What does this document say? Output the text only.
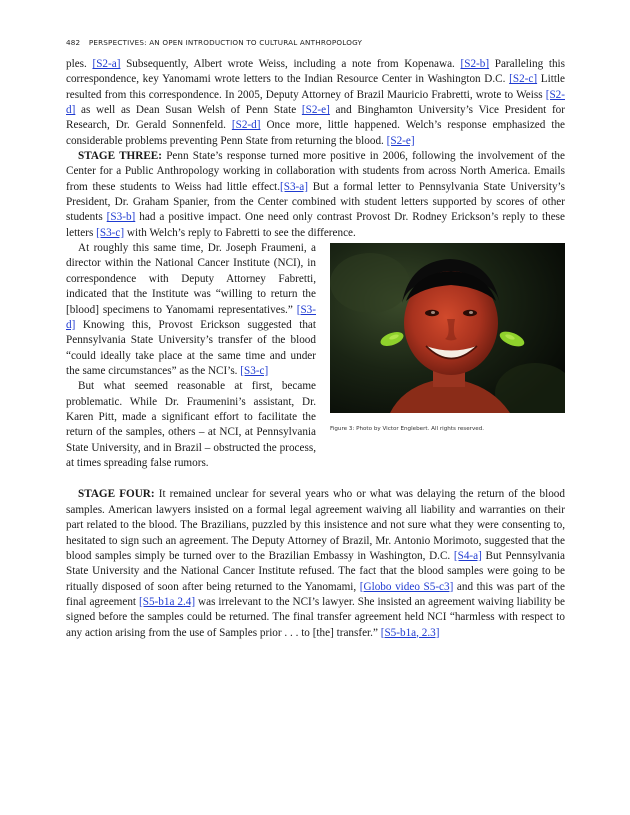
482 PERSPECTIVES: AN OPEN INTRODUCTION TO CULTURAL ANTHROPOLOGY

ples. [S2-a] Subsequently, Albert wrote Weiss, including a note from Kopenawa. [S2-b] Paralleling this correspondence, key Yanomami wrote letters to the Indian Resource Center in Washington D.C. [S2-c] Little resulted from this correspondence. In 2005, Deputy Attorney of Brazil Mauricio Frabretti, wrote to Weiss [S2-d] as well as Dean Susan Welsh of Penn State [S2-e] and Binghamton University’s Vice President for Research, Dr. Gerald Sonnenfeld. [S2-d] Once more, little happened. Welch’s response emphasized the considerable problems preventing Penn State from returning the blood. [S2-e]

STAGE THREE: Penn State’s response turned more positive in 2006, following the involvement of the Center for a Public Anthropology working in collaboration with students from across North America. Emails from these students to Weiss had little effect.[S3-a] But a formal letter to Pennsylvania State University’s President, Dr. Graham Spanier, from the Center combined with student letters supported by scores of other students [S3-b] had a positive impact. One need only contrast Provost Dr. Rodney Erickson’s reply to these letters [S3-c] with Welch’s reply to Fabretti to see the difference.

Figure 3: Photo by Victor Englebert. All rights reserved.

At roughly this same time, Dr. Joseph Fraumeni, a director within the National Cancer Institute (NCI), in correspondence with Deputy Attorney Fabretti, indicated that the Institute was “willing to return the [blood] specimens to Yanomami representatives.” [S3-d] Knowing this, Provost Erickson suggested that Pennsylvania State University’s transfer of the blood “could ideally take place at the same time and under the same circumstances” as the NCI’s. [S3-c]

But what seemed reasonable at first, became problematic. While Dr. Fraumenini’s assistant, Dr. Karen Pitt, made a significant effort to facilitate the return of the samples, others – at NCI, at Pennsylvania State University, and in Brazil – obstructed the process, at times spreading false rumors.

STAGE FOUR: It remained unclear for several years who or what was delaying the return of the blood samples. American lawyers insisted on a formal legal agreement waiving all liability and warranties on their part related to the blood. The Brazilians, puzzled by this insistence and not sure what they were consenting to, hesitated to sign such an agreement. The Deputy Attorney of Brazil, Mr. Antonio Morimoto, suggested that the blood samples simply be turned over to the Brazilian Embassy in Washington, D.C. [S4-a] But Pennsylvania State University and the National Cancer Institute refused. The fact that the blood samples were going to be ritually disposed of soon after being returned to the Yanomami, [Globo video S5-c3] and this was part of the final agreement [S5-b1a 2.4] was irrelevant to the NCI’s lawyer. She insisted an agreement waiving liability be signed before the samples could be returned. The final transfer agreement held NCI “harmless with respect to any action arising from the use of Samples prior . . . to [the] transfer.” [S5-b1a, 2.3]
